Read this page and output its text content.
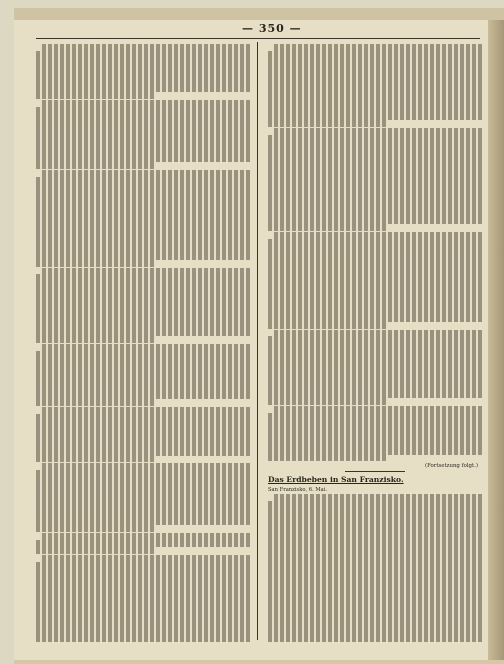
— 350 —
(Fortsetzung folgt.)
Das Erdbeben in San Franzisko.
San Franzisko, 6. Mai.
